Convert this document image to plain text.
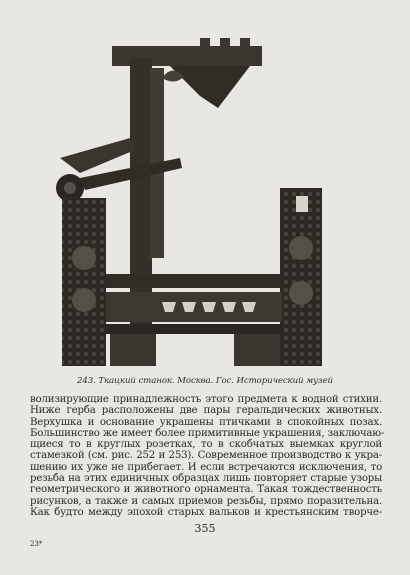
243. Ткацкий станок. Москва. Гос. Исторический музей
волизирующие принадлежность этого предмета к водной стихии.
Ниже герба расположены две пары геральдических животных.
Верхушка и основание украшены птичками в спокойных позах.
Большинство же имеет более примитивные украшения, заключаю-
щиеся то в круглых розетках, то в скобчатых выемках круглой
стамезкой (см. рис. 252 и 253). Современное производство к укра-
шению их уже не прибегает. И если встречаются исключения, то
резьба на этих единичных образцах лишь повторяет старые узоры
геометрического и животного орнамента. Такая тождественность
рисунков, а также и самых приемов резьбы, прямо поразительна.
Как будто между эпохой старых вальков и крестьянским творче-
355
23*
